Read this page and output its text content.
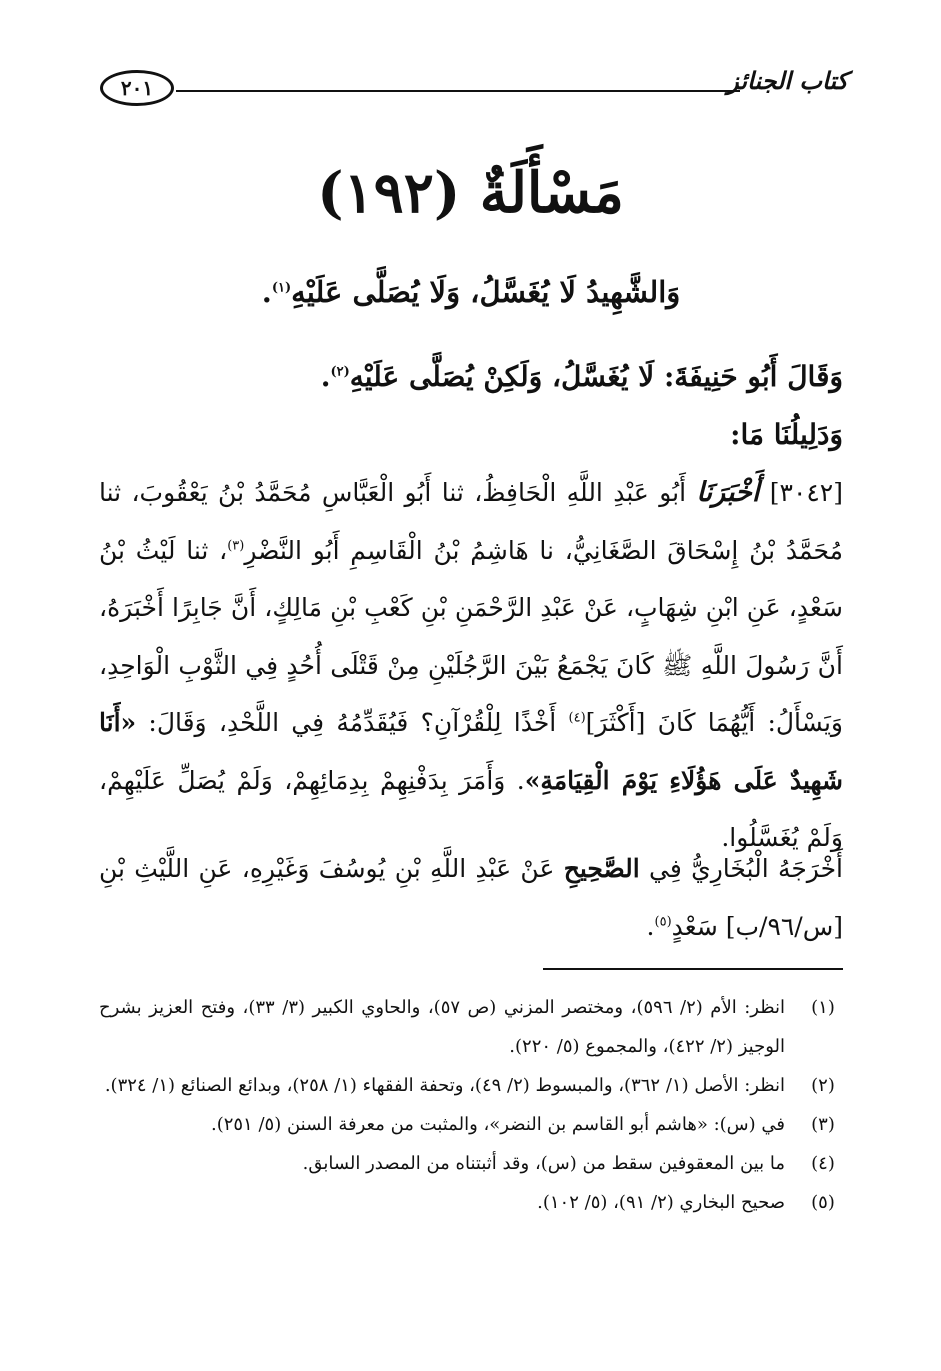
كتاب الجنائز
٢٠١
مَسْأَلَةٌ (١٩٢)
وَالشَّهِيدُ لَا يُغَسَّلُ، وَلَا يُصَلَّى عَلَيْهِ$^{(١)}$.
وَقَالَ أَبُو حَنِيفَةَ: لَا يُغَسَّلُ، وَلَكِنْ يُصَلَّى عَلَيْهِ$^{(٢)}$.
وَدَلِيلُنَا مَا:
[٣٠٤٢] أَخْبَرَنَا أَبُو عَبْدِ اللَّهِ الْحَافِظُ، ثنا أَبُو الْعَبَّاسِ مُحَمَّدُ بْنُ يَعْقُوبَ، ثنا مُحَمَّدُ بْنُ إِسْحَاقَ الصَّغَانِيُّ، نا هَاشِمُ بْنُ الْقَاسِمِ أَبُو النَّضْرِ$^{(٣)}$، ثنا لَيْثُ بْنُ سَعْدٍ، عَنِ ابْنِ شِهَابٍ، عَنْ عَبْدِ الرَّحْمَنِ بْنِ كَعْبِ بْنِ مَالِكٍ، أَنَّ جَابِرًا أَخْبَرَهُ، أَنَّ رَسُولَ اللَّهِ ﷺ كَانَ يَجْمَعُ بَيْنَ الرَّجُلَيْنِ مِنْ قَتْلَى أُحُدٍ فِي الثَّوْبِ الْوَاحِدِ، وَيَسْأَلُ: أَيُّهُمَا كَانَ [أَكْثَرَ]$^{(٤)}$ أَخْذًا لِلْقُرْآنِ؟ فَيُقَدِّمُهُ فِي اللَّحْدِ، وَقَالَ: «أَنَا شَهِيدٌ عَلَى هَؤُلَاءِ يَوْمَ الْقِيَامَةِ». وَأَمَرَ بِدَفْنِهِمْ بِدِمَائِهِمْ، وَلَمْ يُصَلِّ عَلَيْهِمْ، وَلَمْ يُغَسَّلُوا.
أَخْرَجَهُ الْبُخَارِيُّ فِي الصَّحِيحِ عَنْ عَبْدِ اللَّهِ بْنِ يُوسُفَ وَغَيْرِهِ، عَنِ اللَّيْثِ بْنِ [س/٩٦/ب] سَعْدٍ$^{(٥)}$.
(١)
انظر: الأم (٢/ ٥٩٦)، ومختصر المزني (ص ٥٧)، والحاوي الكبير (٣/ ٣٣)، وفتح العزيز بشرح الوجيز (٢/ ٤٢٢)، والمجموع (٥/ ٢٢٠).
(٢)
انظر: الأصل (١/ ٣٦٢)، والمبسوط (٢/ ٤٩)، وتحفة الفقهاء (١/ ٢٥٨)، وبدائع الصنائع (١/ ٣٢٤).
(٣)
في (س): «هاشم أبو القاسم بن النضر»، والمثبت من معرفة السنن (٥/ ٢٥١).
(٤)
ما بين المعقوفين سقط من (س)، وقد أثبتناه من المصدر السابق.
(٥)
صحيح البخاري (٢/ ٩١)، (٥/ ١٠٢).
